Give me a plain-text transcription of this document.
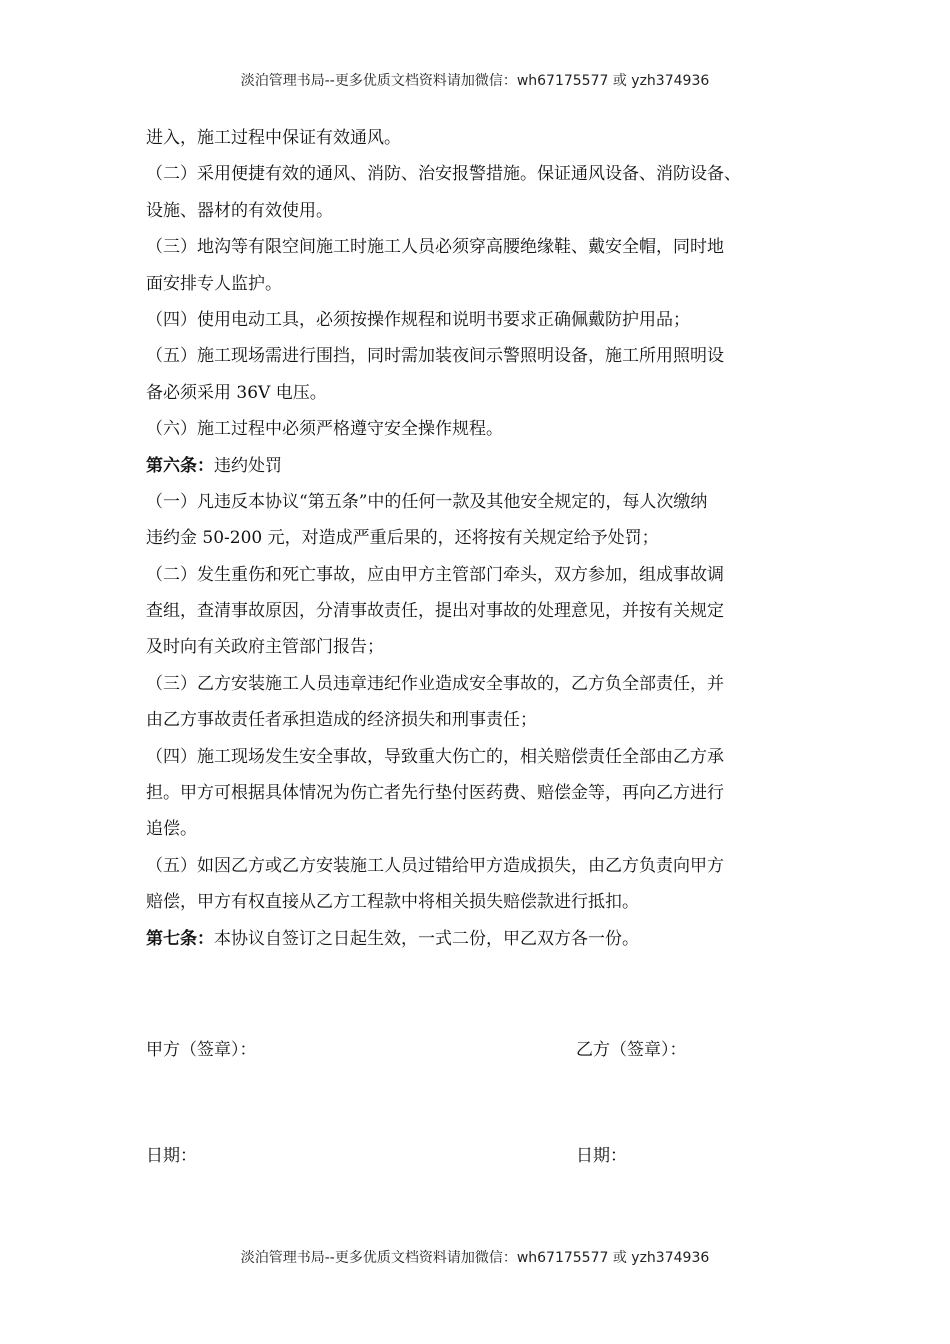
淡泊管理书局--更多优质文档资料请加微信：wh67175577 或 yzh374936
进入，施工过程中保证有效通风。
（二）采用便捷有效的通风、消防、治安报警措施。保证通风设备、消防设备、
设施、器材的有效使用。
（三）地沟等有限空间施工时施工人员必须穿高腰绝缘鞋、戴安全帽，同时地
面安排专人监护。
（四）使用电动工具，必须按操作规程和说明书要求正确佩戴防护用品；
（五）施工现场需进行围挡，同时需加装夜间示警照明设备，施工所用照明设
备必须采用 36V 电压。
（六）施工过程中必须严格遵守安全操作规程。
第六条：违约处罚
（一）凡违反本协议“第五条”中的任何一款及其他安全规定的，每人次缴纳
违约金 50-200 元，对造成严重后果的，还将按有关规定给予处罚；
（二）发生重伤和死亡事故，应由甲方主管部门牵头，双方参加，组成事故调
查组，查清事故原因，分清事故责任，提出对事故的处理意见，并按有关规定
及时向有关政府主管部门报告；
（三）乙方安装施工人员违章违纪作业造成安全事故的，乙方负全部责任，并
由乙方事故责任者承担造成的经济损失和刑事责任；
（四）施工现场发生安全事故，导致重大伤亡的，相关赔偿责任全部由乙方承
担。甲方可根据具体情况为伤亡者先行垫付医药费、赔偿金等，再向乙方进行
追偿。
（五）如因乙方或乙方安装施工人员过错给甲方造成损失，由乙方负责向甲方
赔偿，甲方有权直接从乙方工程款中将相关损失赔偿款进行抵扣。
第七条：本协议自签订之日起生效，一式二份，甲乙双方各一份。
甲方（签章）：	乙方（签章）：
日期：	日期：
淡泊管理书局--更多优质文档资料请加微信：wh67175577 或 yzh374936
